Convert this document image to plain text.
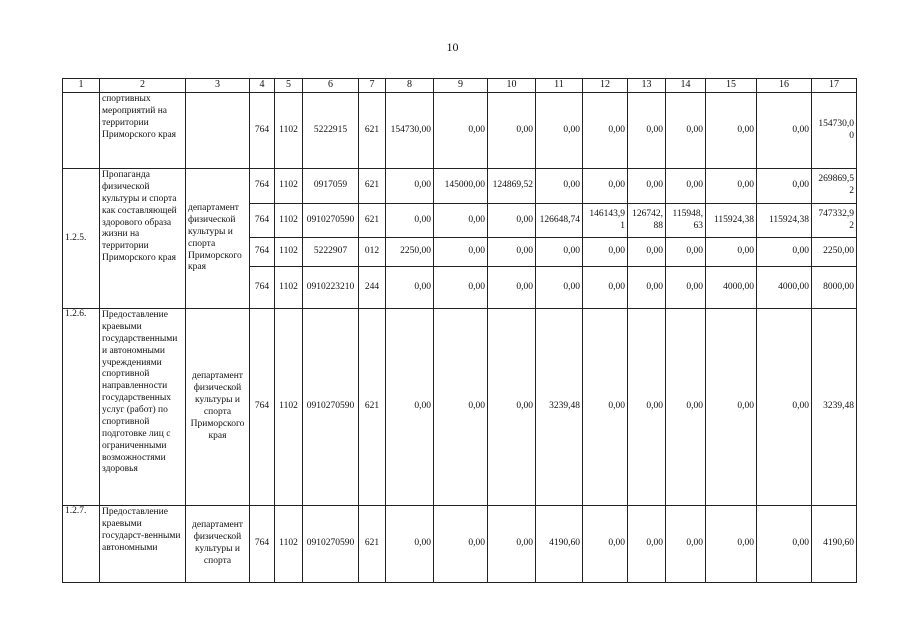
10
1	2	3	4	5	6	7	8	9	10	11	12	13	14	15	16	17
	спортивных мероприятий на территории Приморского края		764	1102	5222915	621	154730,00	0,00	0,00	0,00	0,00	0,00	0,00	0,00	0,00	154730,00
1.2.5.	Пропаганда физической культуры и спорта как составляющей здорового образа жизни на территории Приморского края	департамент физической культуры и спорта Приморского края	764	1102	0917059	621	0,00	145000,00	124869,52	0,00	0,00	0,00	0,00	0,00	0,00	269869,52
			764	1102	0910270590	621	0,00	0,00	0,00	126648,74	146143,91	126742,88	115948,63	115924,38	115924,38	747332,92
			764	1102	5222907	012	2250,00	0,00	0,00	0,00	0,00	0,00	0,00	0,00	0,00	2250,00
			764	1102	0910223210	244	0,00	0,00	0,00	0,00	0,00	0,00	0,00	4000,00	4000,00	8000,00
1.2.6.	Предоставление краевыми государственными и автономными учреждениями спортивной направленности государственных услуг (работ) по спортивной подготовке лиц с ограниченными возможностями здоровья	департамент физической культуры и спорта Приморского края	764	1102	0910270590	621	0,00	0,00	0,00	3239,48	0,00	0,00	0,00	0,00	0,00	3239,48
1.2.7.	Предоставление краевыми государст-венными автономными	департамент физической культуры и спорта	764	1102	0910270590	621	0,00	0,00	0,00	4190,60	0,00	0,00	0,00	0,00	0,00	4190,60
